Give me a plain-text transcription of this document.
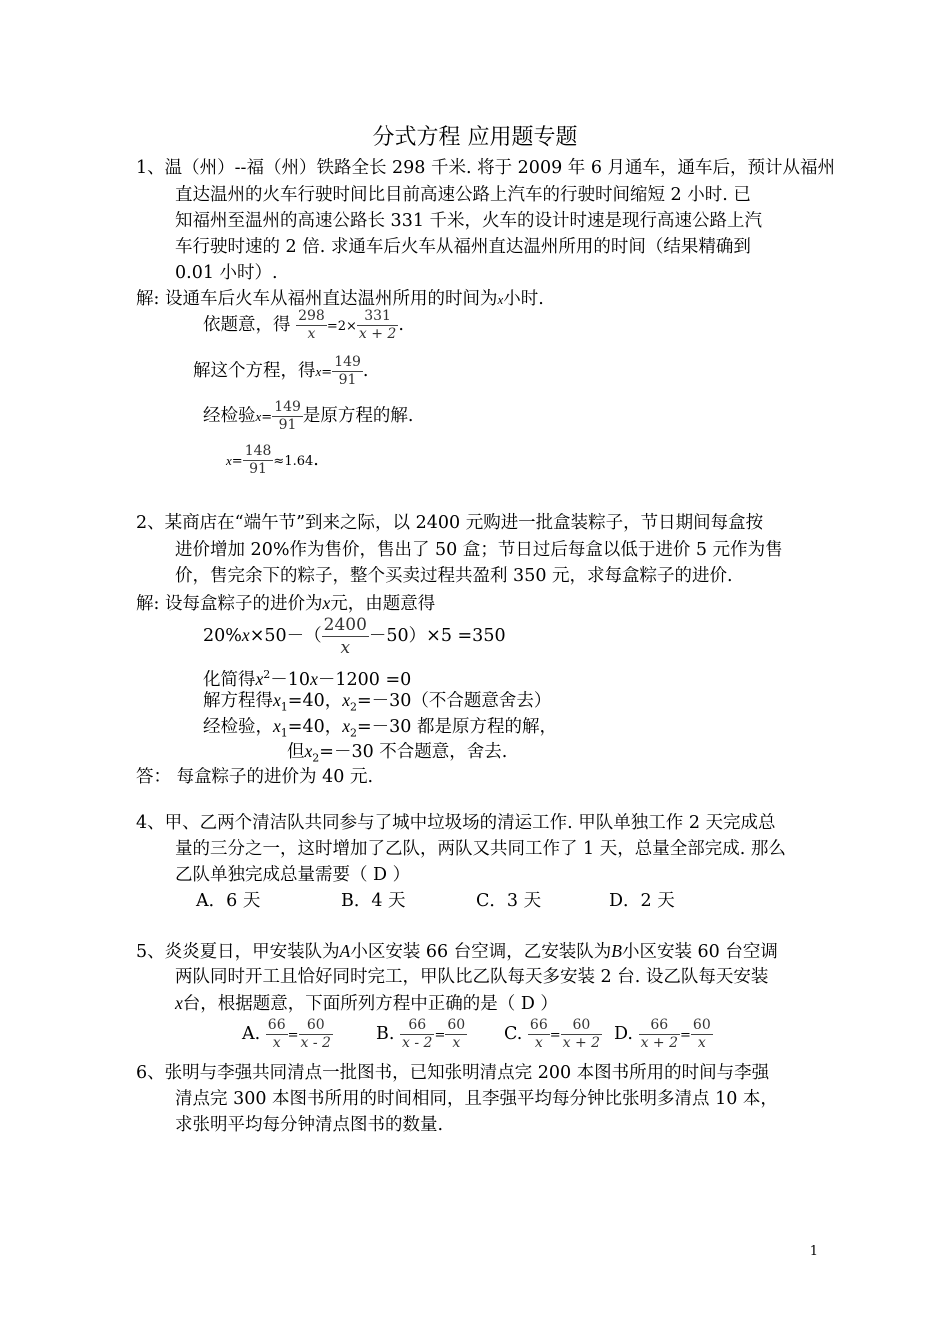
分式方程 应用题专题
1、温（州）--福（州）铁路全长 298 千米. 将于 2009 年 6 月通车，通车后，预计从福州
直达温州的火车行驶时间比目前高速公路上汽车的行驶时间缩短 2 小时. 已
知福州至温州的高速公路长 331 千米，火车的设计时速是现行高速公路上汽
车行驶时速的 2 倍. 求通车后火车从福州直达温州所用的时间（结果精确到
0.01 小时）.
解: 设通车后火车从福州直达温州所用的时间为x小时.
依题意，得 $\frac{298}{x} =2\times \frac{331}{x + 2}$ .
解这个方程，得$x= \frac{149}{91}$ .
经检验$x= \frac{149}{91}$ 是原方程的解.
$x= \frac{148}{91} \approx 1.64$.
2、某商店在“端午节”到来之际，以 2400 元购进一批盒装粽子，节日期间每盒按
进价增加 20%作为售价，售出了 50 盒；节日过后每盒以低于进价 5 元作为售
价，售完余下的粽子，整个买卖过程共盈利 350 元，求每盒粽子的进价.
解: 设每盒粽子的进价为x元，由题意得
$20\%x\times 50-( \frac{2400}{x} -50)\times 5 =350$
化简得$x^2-10x-1200 =0$
解方程得$x_1=40$，$x_2=-30$（不合题意舍去）
经检验，$x_1=40$，$x_2=-30$ 都是原方程的解，
但$x_2=-30$ 不合题意，舍去.
答： 每盒粽子的进价为 40 元.
4、甲、乙两个清洁队共同参与了城中垃圾场的清运工作. 甲队单独工作 2 天完成总
量的三分之一，这时增加了乙队，两队又共同工作了 1 天，总量全部完成. 那么
乙队单独完成总量需要（ D ）
A．6 天	B．4 天	C．3 天	D．2 天
5、炎炎夏日，甲安装队为A小区安装 66 台空调，乙安装队为B小区安装 60 台空调
两队同时开工且恰好同时完工，甲队比乙队每天多安装 2 台. 设乙队每天安装
x台，根据题意，下面所列方程中正确的是（ D ）
A. $\frac{66}{x} = \frac{60}{x - 2} B$. $\frac{66}{x - 2} = \frac{60}{x} C$. $\frac{66}{x} = \frac{60}{x + 2} D$. $\frac{66}{x + 2} = \frac{60}{x}$
6、张明与李强共同清点一批图书，已知张明清点完 200 本图书所用的时间与李强
清点完 300 本图书所用的时间相同，且李强平均每分钟比张明多清点 10 本，
求张明平均每分钟清点图书的数量.
1
